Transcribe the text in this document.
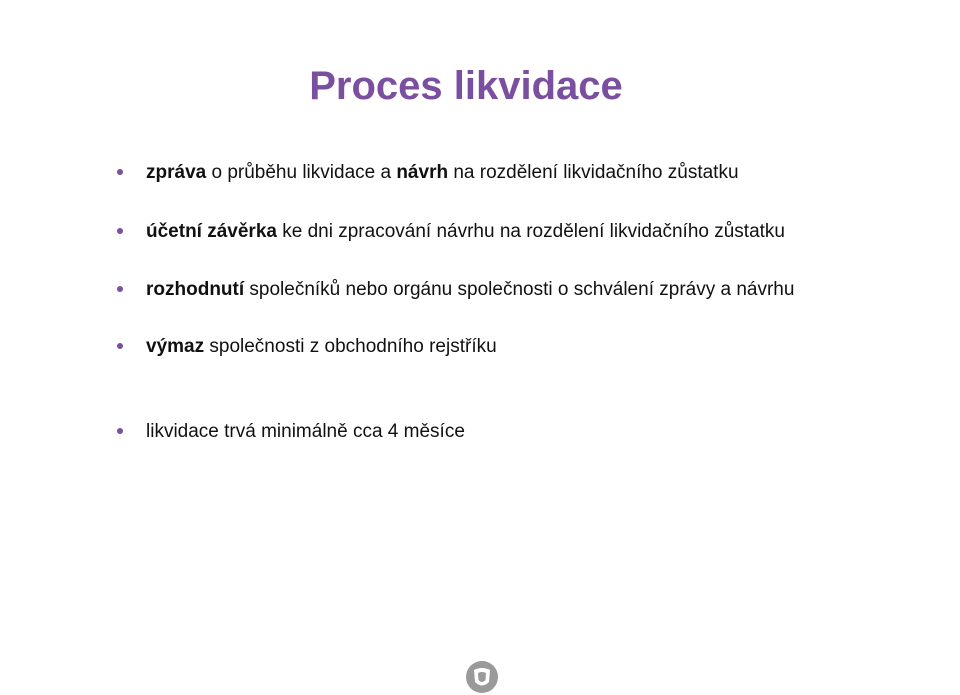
Proces likvidace
zpráva o průběhu likvidace a návrh na rozdělení likvidačního zůstatku
účetní závěrka ke dni zpracování návrhu na rozdělení likvidačního zůstatku
rozhodnutí společníků nebo orgánu společnosti o schválení zprávy a návrhu
výmaz společnosti z obchodního rejstříku
likvidace trvá minimálně cca 4 měsíce
